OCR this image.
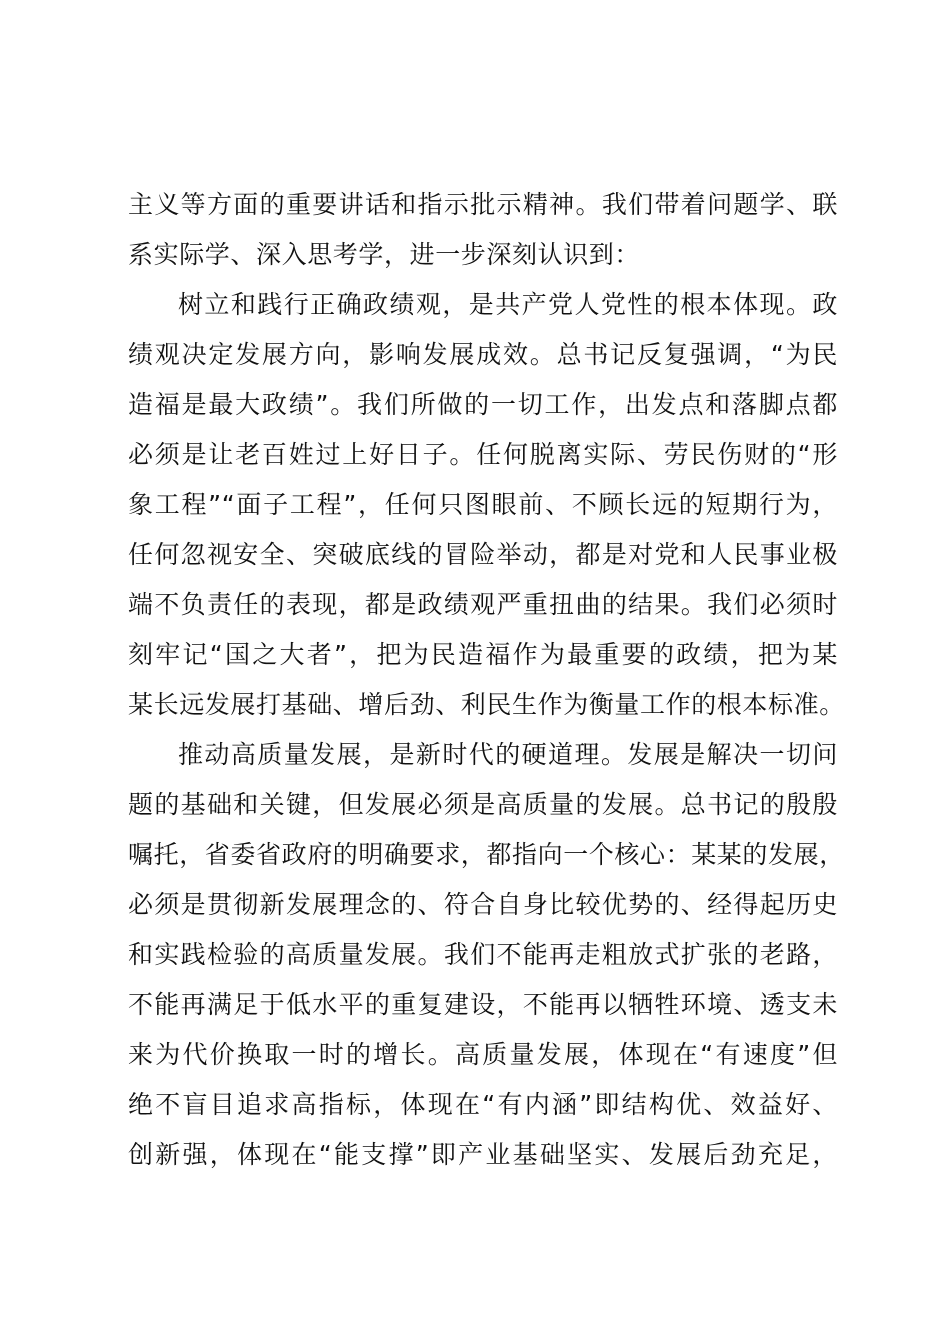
主义等方面的重要讲话和指示批示精神。我们带着问题学、联
系实际学、深入思考学，进一步深刻认识到：
树立和践行正确政绩观，是共产党人党性的根本体现。政
绩观决定发展方向，影响发展成效。总书记反复强调，“为民
造福是最大政绩”。我们所做的一切工作，出发点和落脚点都
必须是让老百姓过上好日子。任何脱离实际、劳民伤财的“形
象工程”“面子工程”，任何只图眼前、不顾长远的短期行为，
任何忽视安全、突破底线的冒险举动，都是对党和人民事业极
端不负责任的表现，都是政绩观严重扭曲的结果。我们必须时
刻牢记“国之大者”，把为民造福作为最重要的政绩，把为某
某长远发展打基础、增后劲、利民生作为衡量工作的根本标准。
推动高质量发展，是新时代的硬道理。发展是解决一切问
题的基础和关键，但发展必须是高质量的发展。总书记的殷殷
嘱托，省委省政府的明确要求，都指向一个核心：某某的发展，
必须是贯彻新发展理念的、符合自身比较优势的、经得起历史
和实践检验的高质量发展。我们不能再走粗放式扩张的老路，
不能再满足于低水平的重复建设，不能再以牺牲环境、透支未
来为代价换取一时的增长。高质量发展，体现在“有速度”但
绝不盲目追求高指标，体现在“有内涵”即结构优、效益好、
创新强，体现在“能支撑”即产业基础坚实、发展后劲充足，
